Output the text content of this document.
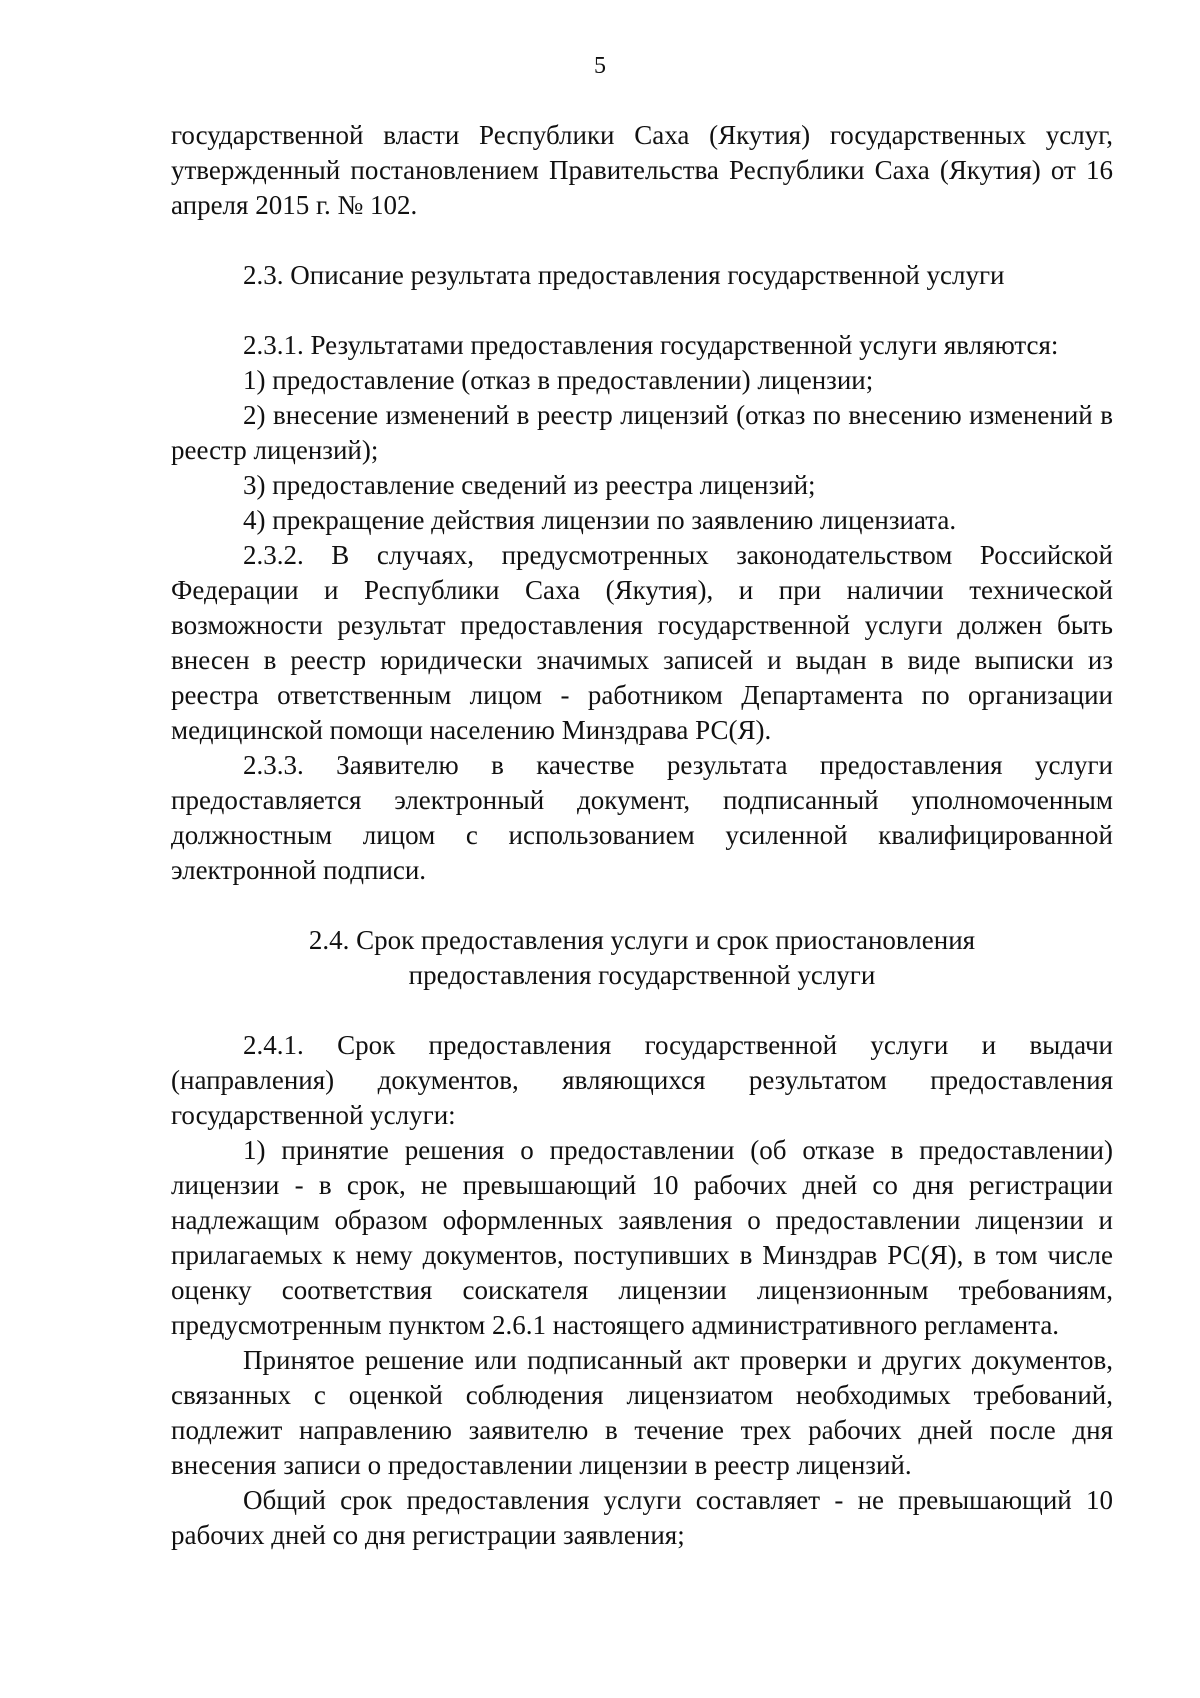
5

государственной власти Республики Саха (Якутия) государственных услуг, утвержденный постановлением Правительства Республики Саха (Якутия) от 16 апреля 2015 г. № 102.

2.3. Описание результата предоставления государственной услуги

2.3.1. Результатами предоставления государственной услуги являются:

1) предоставление (отказ в предоставлении) лицензии;

2) внесение изменений в реестр лицензий (отказ по внесению изменений в реестр лицензий);

3) предоставление сведений из реестра лицензий;

4) прекращение действия лицензии по заявлению лицензиата.

2.3.2. В случаях, предусмотренных законодательством Российской Федерации и Республики Саха (Якутия), и при наличии технической возможности результат предоставления государственной услуги должен быть внесен в реестр юридически значимых записей и выдан в виде выписки из реестра ответственным лицом - работником Департамента по организации медицинской помощи населению Минздрава РС(Я).

2.3.3. Заявителю в качестве результата предоставления услуги предоставляется электронный документ, подписанный уполномоченным должностным лицом с использованием усиленной квалифицированной электронной подписи.

2.4. Срок предоставления услуги и срок приостановления
предоставления государственной услуги

2.4.1. Срок предоставления государственной услуги и выдачи (направления) документов, являющихся результатом предоставления государственной услуги:

1) принятие решения о предоставлении (об отказе в предоставлении) лицензии - в срок, не превышающий 10 рабочих дней со дня регистрации надлежащим образом оформленных заявления о предоставлении лицензии и прилагаемых к нему документов, поступивших в Минздрав РС(Я), в том числе оценку соответствия соискателя лицензии лицензионным требованиям, предусмотренным пунктом 2.6.1 настоящего административного регламента.

Принятое решение или подписанный акт проверки и других документов, связанных с оценкой соблюдения лицензиатом необходимых требований, подлежит направлению заявителю в течение трех рабочих дней после дня внесения записи о предоставлении лицензии в реестр лицензий.

Общий срок предоставления услуги составляет - не превышающий 10 рабочих дней со дня регистрации заявления;
